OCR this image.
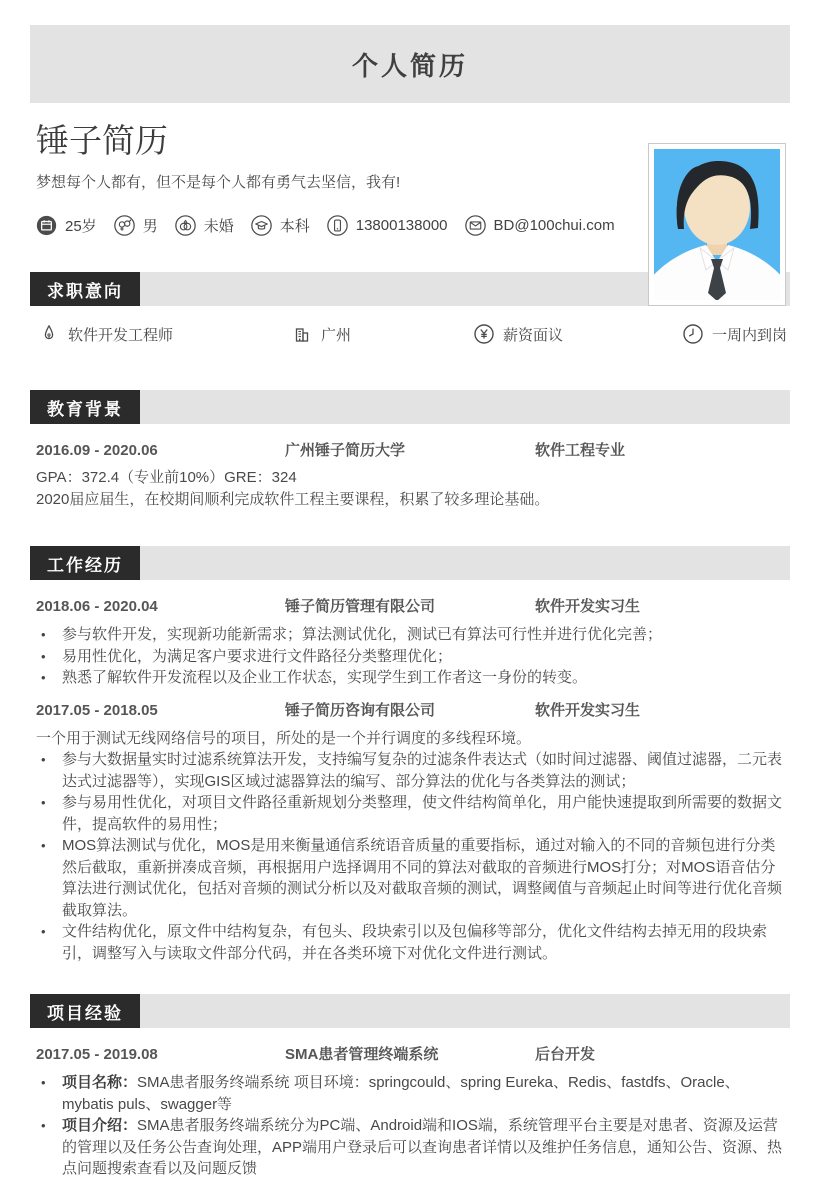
个人简历
锤子简历
梦想每个人都有，但不是每个人都有勇气去坚信，我有!
25岁	男	未婚	本科	13800138000	BD@100chui.com
求职意向
软件开发工程师	广州	薪资面议	一周内到岗
教育背景
2016.09 - 2020.06	广州锤子简历大学	软件工程专业
GPA：372.4（专业前10%）GRE：324
2020届应届生，在校期间顺利完成软件工程主要课程，积累了较多理论基础。
工作经历
2018.06 - 2020.04	锤子简历管理有限公司	软件开发实习生
•	参与软件开发，实现新功能新需求；算法测试优化，测试已有算法可行性并进行优化完善；
•	易用性优化，为满足客户要求进行文件路径分类整理优化；
•	熟悉了解软件开发流程以及企业工作状态，实现学生到工作者这一身份的转变。
2017.05 - 2018.05	锤子简历咨询有限公司	软件开发实习生
一个用于测试无线网络信号的项目，所处的是一个并行调度的多线程环境。
•	参与大数据量实时过滤系统算法开发，支持编写复杂的过滤条件表达式（如时间过滤器、阈值过滤器，二元表达式过滤器等），实现GIS区域过滤器算法的编写、部分算法的优化与各类算法的测试；
•	参与易用性优化，对项目文件路径重新规划分类整理，使文件结构简单化，用户能快速提取到所需要的数据文件，提高软件的易用性；
•	MOS算法测试与优化，MOS是用来衡量通信系统语音质量的重要指标，通过对输入的不同的音频包进行分类然后截取，重新拼凑成音频，再根据用户选择调用不同的算法对截取的音频进行MOS打分；对MOS语音估分算法进行测试优化，包括对音频的测试分析以及对截取音频的测试，调整阈值与音频起止时间等进行优化音频截取算法。
•	文件结构优化，原文件中结构复杂，有包头、段块索引以及包偏移等部分，优化文件结构去掉无用的段块索引，调整写入与读取文件部分代码，并在各类环境下对优化文件进行测试。
项目经验
2017.05 - 2019.08	SMA患者管理终端系统	后台开发
•	项目名称：SMA患者服务终端系统 项目环境：springcould、spring Eureka、Redis、fastdfs、Oracle、mybatis puls、swagger等
•	项目介绍：SMA患者服务终端系统分为PC端、Android端和IOS端，系统管理平台主要是对患者、资源及运营的管理以及任务公告查询处理，APP端用户登录后可以查询患者详情以及维护任务信息，通知公告、资源、热点问题搜索查看以及问题反馈
